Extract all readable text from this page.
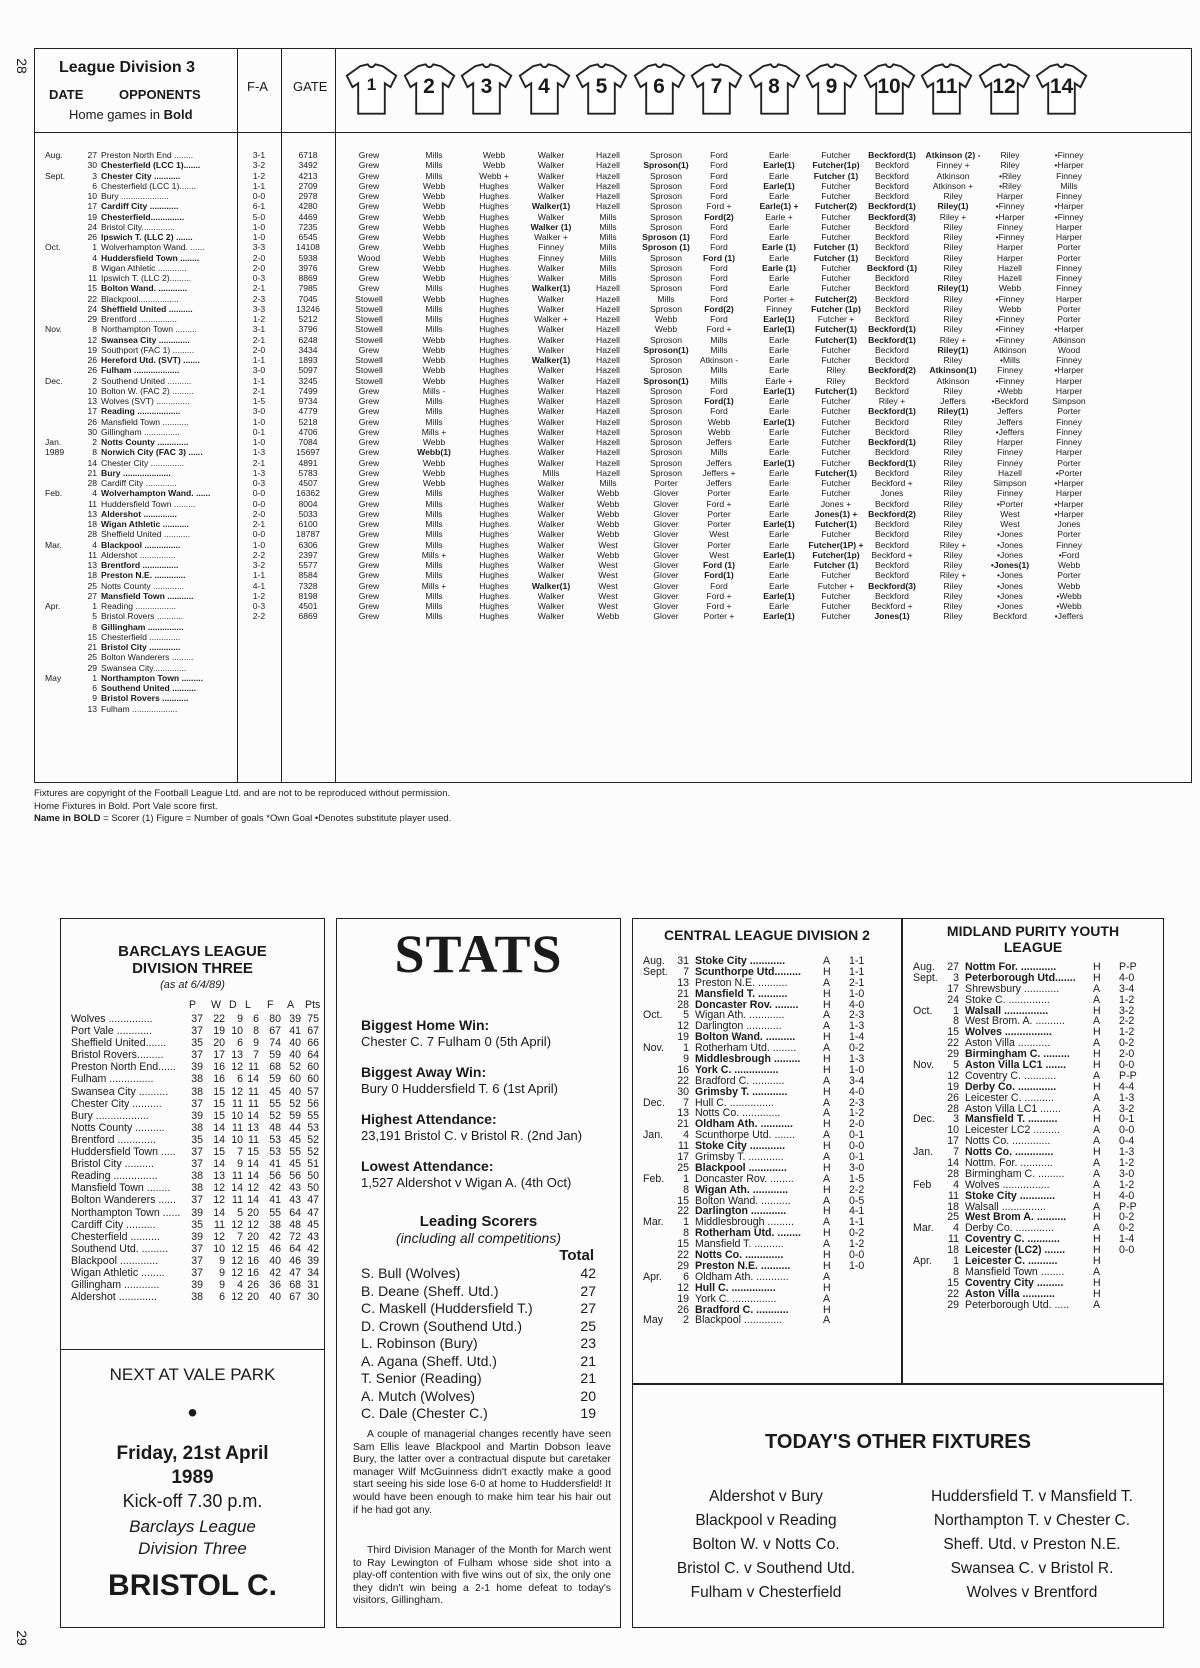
28
29
League Division 3
DATE	OPPONENTS
Home games in Bold
F-A GATE	1	2	3	4	5	6	7	8	9	10	11	12	14
Aug.	27 Preston North End ........	3-1	6718	Grew	Mills	Webb	Walker	Hazell	Sproson	Ford	Earle	Futcher	Beckford(1)	Atkinson (2) -	Riley	•Finney
30 Chesterfield (LCC 1).......	3-2	3492	Grew	Mills	Webb	Walker	Hazell	Sproson(1)	Ford	Earle(1)	Futcher(1p)	Beckford	Finney +	Riley	•Harper
Sept.	3 Chester City ...........	1-2	4213	Grew	Mills	Webb +	Walker	Hazell	Sproson	Ford	Earle	Futcher (1)	Beckford	Atkinson	•Riley	Finney
6 Chesterfield (LCC 1).......	1-1	2709	Grew	Webb	Hughes	Walker	Hazell	Sproson	Ford	Earle(1)	Futcher	Beckford	Atkinson +	•Riley	Mills
10 Bury ....................	0-0	2978	Grew	Webb	Hughes	Walker	Hazell	Sproson	Ford	Earle	Futcher	Beckford	Riley	Harper	Finney
17 Cardiff City ............	6-1	4280	Grew	Webb	Hughes	Walker(1)	Hazell	Sproson	Ford +	Earle(1) +	Futcher(2)	Beckford(1)	Riley(1)	•Finney	•Harper
19 Chesterfield..............	5-0	4469	Grew	Webb	Hughes	Walker	Mills	Sproson	Ford(2)	Earle +	Futcher	Beckford(3)	Riley +	•Harper	•Finney
24 Bristol City..............	1-0	7235	Grew	Webb	Hughes	Walker (1)	Mills	Sproson	Ford	Earle	Futcher	Beckford	Riley	Finney	Harper
26 Ipswich T. (LLC 2) .......	1-0	6545	Grew	Webb	Hughes	Walker +	Mills	Sproson (1)	Ford	Earle	Futcher	Beckford	Riley	•Finney	Harper
Oct.	1 Wolverhampton Wand. ......	3-3	14108	Grew	Webb	Hughes	Finney	Mills	Sproson (1)	Ford	Earle (1)	Futcher (1)	Beckford	Riley	Harper	Porter
4 Huddersfield Town ........	2-0	5938	Wood	Webb	Hughes	Finney	Mills	Sproson	Ford (1)	Earle	Futcher (1)	Beckford	Riley	Harper	Porter
8 Wigan Athletic ............	2-0	3976	Grew	Webb	Hughes	Walker	Mills	Sproson	Ford	Earle (1)	Futcher	Beckford (1)	Riley	Hazell	Finney
11 Ipswich T. (LLC 2).........	0-3	8869	Grew	Webb	Hughes	Walker	Mills	Sproson	Ford	Earle	Futcher	Beckford	Riley	Hazell	Finney
15 Bolton Wand. ............	2-1	7985	Grew	Mills	Hughes	Walker(1)	Hazell	Sproson	Ford	Earle	Futcher	Beckford	Riley(1)	Webb	Finney
22 Blackpool.................	2-3	7045	Stowell	Webb	Hughes	Walker	Hazell	Mills	Ford	Porter +	Futcher(2)	Beckford	Riley	•Finney	Harper
24 Sheffield United ..........	3-3	13246	Stowell	Mills	Hughes	Walker	Hazell	Sproson	Ford(2)	Finney	Futcher (1p)	Beckford	Riley	Webb	Porter
29 Brentford ................	1-2	5212	Stowell	Mills	Hughes	Walker +	Hazell	Webb	Ford	Earle(1)	Futcher +	Beckford	Riley	•Finney	Porter
Nov.	8 Northampton Town .........	3-1	3796	Stowell	Mills	Hughes	Walker	Hazell	Webb	Ford +	Earle(1)	Futcher(1)	Beckford(1)	Riley	•Finney	•Harper
12 Swansea City .............	2-1	6248	Stowell	Webb	Hughes	Walker	Hazell	Sproson	Mills	Earle	Futcher(1)	Beckford(1)	Riley +	•Finney	Atkinson
19 Southport (FAC 1) .........	2-0	3434	Grew	Webb	Hughes	Walker	Hazell	Sproson(1)	Mills	Earle	Futcher	Beckford	Riley(1)	Atkinson	Wood
26 Hereford Utd. (SVT) .......	1-1	1893	Stowell	Webb	Hughes	Walker(1)	Hazell	Sproson	Atkinson -	Earle	Futcher	Beckford	Riley	•Mills	Finney
26 Fulham ...................	3-0	5097	Stowell	Webb	Hughes	Walker	Hazell	Sproson	Mills	Earle	Riley	Beckford(2)	Atkinson(1)	Finney	•Harper
Dec.	2 Southend United ..........	1-1	3245	Stowell	Webb	Hughes	Walker	Hazell	Sproson(1)	Mills	Earle +	Riley	Beckford	Atkinson	•Finney	Harper
10 Bolton W. (FAC 2) .........	2-1	7499	Grew	Mills -	Hughes	Walker	Hazell	Sproson	Ford	Earle(1)	Futcher(1)	Beckford	Riley	•Webb	Harper
13 Wolves (SVT) ..............	1-5	9734	Grew	Mills	Hughes	Walker	Hazell	Sproson	Ford(1)	Earle	Futcher	Riley +	Jeffers	•Beckford	Simpson
17 Reading ..................	3-0	4779	Grew	Mills	Hughes	Walker	Hazell	Sproson	Ford	Earle	Futcher	Beckford(1)	Riley(1)	Jeffers	Porter
26 Mansfield Town ...........	1-0	5218	Grew	Mills	Hughes	Walker	Hazell	Sproson	Webb	Earle(1)	Futcher	Beckford	Riley	Jeffers	Finney
30 Gillingham ...............	0-1	4706	Grew	Mills +	Hughes	Walker	Hazell	Sproson	Webb	Earle	Futcher	Beckford	Riley	•Jeffers	Finney
Jan.	2 Notts County .............	1-0	7084	Grew	Webb	Hughes	Walker	Hazell	Sproson	Jeffers	Earle	Futcher	Beckford(1)	Riley	Harper	Finney
1989	8 Norwich City (FAC 3) ......	1-3	15697	Grew	Webb(1)	Hughes	Walker	Hazell	Sproson	Mills	Earle	Futcher	Beckford	Riley	Finney	Harper
14 Chester City ..............	2-1	4891	Grew	Webb	Hughes	Walker	Hazell	Sproson	Jeffers	Earle(1)	Futcher	Beckford(1)	Riley	Finney	Porter
21 Bury ....................	1-3	5783	Grew	Webb	Hughes	Mills	Hazell	Sproson	Jeffers +	Earle	Futcher(1)	Beckford	Riley	Hazell	•Porter
28 Cardiff City .............	0-3	4507	Grew	Webb	Hughes	Walker	Mills	Porter	Jeffers	Earle	Futcher	Beckford +	Riley	Simpson	•Harper
Feb.	4 Wolverhampton Wand. ......	0-0	16362	Grew	Mills	Hughes	Walker	Webb	Glover	Porter	Earle	Futcher	Jones	Riley	Finney	Harper
11 Huddersfield Town .........	0-0	8004	Grew	Mills	Hughes	Walker	Webb	Glover	Ford +	Earle	Jones +	Beckford	Riley	•Porter	•Harper
13 Aldershot ..............	2-0	5033	Grew	Mills	Hughes	Walker	Webb	Glover	Porter	Earle	Jones(1) +	Beckford(2)	Riley	West	•Harper
18 Wigan Athletic ...........	2-1	6100	Grew	Mills	Hughes	Walker	Webb	Glover	Porter	Earle(1)	Futcher(1)	Beckford	Riley	West	Jones
28 Sheffield United ...........	0-0	18787	Grew	Mills	Hughes	Walker	Webb	Glover	West	Earle	Futcher	Beckford	Riley	•Jones	Porter
Mar.	4 Blackpool ...............	1-0	6306	Grew	Mills	Hughes	Walker	West	Glover	Porter	Earle	Futcher(1P) +	Beckford	Riley +	•Jones	Finney
11 Aldershot ...............	2-2	2397	Grew	Mills +	Hughes	Walker	Webb	Glover	West	Earle(1)	Futcher(1p)	Beckford +	Riley	•Jones	•Ford
13 Brentford ...............	3-2	5577	Grew	Mills	Hughes	Walker	West	Glover	Ford (1)	Earle	Futcher (1)	Beckford	Riley	•Jones(1)	Webb
18 Preston N.E. .............	1-1	8584	Grew	Mills	Hughes	Walker	West	Glover	Ford(1)	Earle	Futcher	Beckford	Riley +	•Jones	Porter
25 Notts County .............	4-1	7328	Grew	Mills +	Hughes	Walker(1)	West	Glover	Ford	Earle	Futcher +	Beckford(3)	Riley	•Jones	Webb
27 Mansfield Town ...........	1-2	8198	Grew	Mills	Hughes	Walker	West	Glover	Ford +	Earle(1)	Futcher	Beckford	Riley	•Jones	•Webb
Apr.	1 Reading .................	0-3	4501	Grew	Mills	Hughes	Walker	West	Glover	Ford +	Earle	Futcher	Beckford +	Riley	•Jones	•Webb
5 Bristol Rovers ...........	2-2	6869	Grew	Mills	Hughes	Walker	Webb	Glover	Porter +	Earle(1)	Futcher	Jones(1)	Riley	Beckford	•Jeffers
8 Gillingham ...............
15 Chesterfield .............
21 Bristol City .............
25 Bolton Wanderers .........
29 Swansea City..............
May	1 Northampton Town .........
6 Southend United ..........
9 Bristol Rovers ...........
13 Fulham ...................
Fixtures are copyright of the Football League Ltd. and are not to be reproduced without permission.
Home Fixtures in Bold. Port Vale score first.
Name in BOLD = Scorer (1) Figure = Number of goals *Own Goal •Denotes substitute player used.
BARCLAYS LEAGUE
DIVISION THREE
(as at 6/4/89)
P W D L F A Pts
Wolves ...............	37 22	9 6 80 39 75
Port Vale ............	37 19 10 8 67 41 67
Sheffield United.......	35 20	6 9 74 40 66
Bristol Rovers.........	37 17 13 7 59 40 64
Preston North End......	39 16 12 11 68 52 60
Fulham ...............	38 16	6 14 59 60 60
Swansea City ..........	38 15 12 11 45 40 57
Chester City ..........	37 15 11 11 55 52 56
Bury ..................	39 15 10 14 52 59 55
Notts County ..........	38 14 11 13 48 44 53
Brentford .............	35 14 10 11 53 45 52
Huddersfield Town .....	37 15	7 15 53 55 52
Bristol City ..........	37 14	9 14 41 45 51
Reading ...............	38 13 11 14 56 56 50
Mansfield Town ........	38 12 14 12 42 43 50
Bolton Wanderers ......	37 12 11 14 41 43 47
Northampton Town ......	39 14	5 20 55 64 47
Cardiff City ..........	35	11 12 12 38 48 45
Chesterfield ..........	39 12	7 20 42 72 43
Southend Utd. .........	37 10 12 15 46 64 42
Blackpool .............	37	9 12 16 40 46 39
Wigan Athletic ........	37	9 12 16 42 47 34
Gillingham ............	39	9	4 26 36 68 31
Aldershot .............	38	6 12 20 40 67 30
NEXT AT VALE PARK
•
Friday, 21st April
1989
Kick-off 7.30 p.m.
Barclays League
Division Three
BRISTOL C.
STATS
Biggest Home Win:
Chester C. 7 Fulham 0 (5th April)
Biggest Away Win:
Bury 0 Huddersfield T. 6 (1st April)
Highest Attendance:
23,191 Bristol C. v Bristol R. (2nd Jan)
Lowest Attendance:
1,527 Aldershot v Wigan A. (4th Oct)
Leading Scorers
(including all competitions)
Total
S. Bull (Wolves)	42
B. Deane (Sheff. Utd.)	27
C. Maskell (Huddersfield T.)	27
D. Crown (Southend Utd.)	25
L. Robinson (Bury)	23
A. Agana (Sheff. Utd.)	21
T. Senior (Reading)	21
A. Mutch (Wolves)	20
C. Dale (Chester C.)	19
A couple of managerial changes recently have seen Sam Ellis leave Blackpool and Martin Dobson leave Bury, the latter over a contractual dispute but caretaker manager Wilf McGuinness didn't exactly make a good start seeing his side lose 6-0 at home to Huddersfield! It would have been enough to make him tear his hair out if he had got any.
Third Division Manager of the Month for March went to Ray Lewington of Fulham whose side shot into a play-off contention with five wins out of six, the only one they didn't win being a 2-1 home defeat to today's visitors, Gillingham.
CENTRAL LEAGUE DIVISION 2
Aug.	31 Stoke City ............	A 1-1
Sept.	7 Scunthorpe Utd.........	H 1-1
13 Preston N.E. ..........	A 2-1
21 Mansfield T. ..........	H 1-0
28 Doncaster Rov. ........	H 4-0
Oct.	5 Wigan Ath. ............	A 2-3
12 Darlington ............	A 1-3
19 Bolton Wand. ..........	H 1-4
Nov.	1 Rotherham Utd. ........	A 0-2
9 Middlesbrough .........	H 1-3
16 York C. ...............	H 1-0
22 Bradford C. ...........	A 3-4
30 Grimsby T. ............	H 4-0
Dec.	7 Hull C. ...............	A 2-3
13 Notts Co. .............	A 1-2
21 Oldham Ath. ...........	H 2-0
Jan.	4 Scunthorpe Utd. .......	A 0-1
11 Stoke City ............	H 0-0
17 Grimsby T. ............	A 0-1
25 Blackpool .............	H 3-0
Feb.	1 Doncaster Rov. ........	A 1-5
8 Wigan Ath. ............	H 2-2
15 Bolton Wand. ..........	A 0-5
22 Darlington ............	H 4-1
Mar.	1 Middlesbrough .........	A 1-1
8 Rotherham Utd. ........	H 0-2
15 Mansfield T. ..........	A 1-2
22 Notts Co. .............	H 0-0
29 Preston N.E. ..........	H 1-0
Apr.	6 Oldham Ath. ...........	A
12 Hull C. ...............	H
19 York C. ...............	A
26 Bradford C. ...........	H
May	2 Blackpool .............	A
MIDLAND PURITY YOUTH
LEAGUE
Aug.	27 Nottm For. ............	H P-P
Sept.	3 Peterborough Utd.......	H 4-0
17 Shrewsbury ............	A 3-4
24 Stoke C. ..............	A 1-2
Oct.	1 Walsall ...............	H 3-2
8 West Brom. A. ..........	A 2-2
15 Wolves ................	H 1-2
22 Aston Villa ...........	A 0-2
29 Birmingham C. .........	H 2-0
Nov.	5 Aston Villa LC1 .......	H 0-0
12 Coventry C. ...........	A P-P
19 Derby Co. .............	H 4-4
26 Leicester C. ..........	A 1-3
28 Aston Villa LC1 .......	A 3-2
Dec.	3 Mansfield T. ..........	H 0-1
10 Leicester LC2 .........	A 0-0
17 Notts Co. .............	A 0-4
Jan.	7 Notts Co. .............	H 1-3
14 Nottm. For. ...........	A 1-2
28 Birmingham C. .........	A 3-0
Feb	4 Wolves ................	A 1-2
11 Stoke City ............	H 4-0
18 Walsall ...............	A P-P
25 West Brom A. ..........	H 0-2
Mar.	4 Derby Co. .............	A 0-2
11 Coventry C. ...........	H 1-4
18 Leicester (LC2) .......	H 0-0
Apr.	1 Leicester C. ..........	H
8 Mansfield Town ........	A
15 Coventry City .........	H
22 Aston Villa ...........	H
29 Peterborough Utd. .....	A
TODAY'S OTHER FIXTURES
Aldershot v Bury
Blackpool v Reading
Bolton W. v Notts Co.
Bristol C. v Southend Utd.
Fulham v Chesterfield
Huddersfield T. v Mansfield T.
Northampton T. v Chester C.
Sheff. Utd. v Preston N.E.
Swansea C. v Bristol R.
Wolves v Brentford
